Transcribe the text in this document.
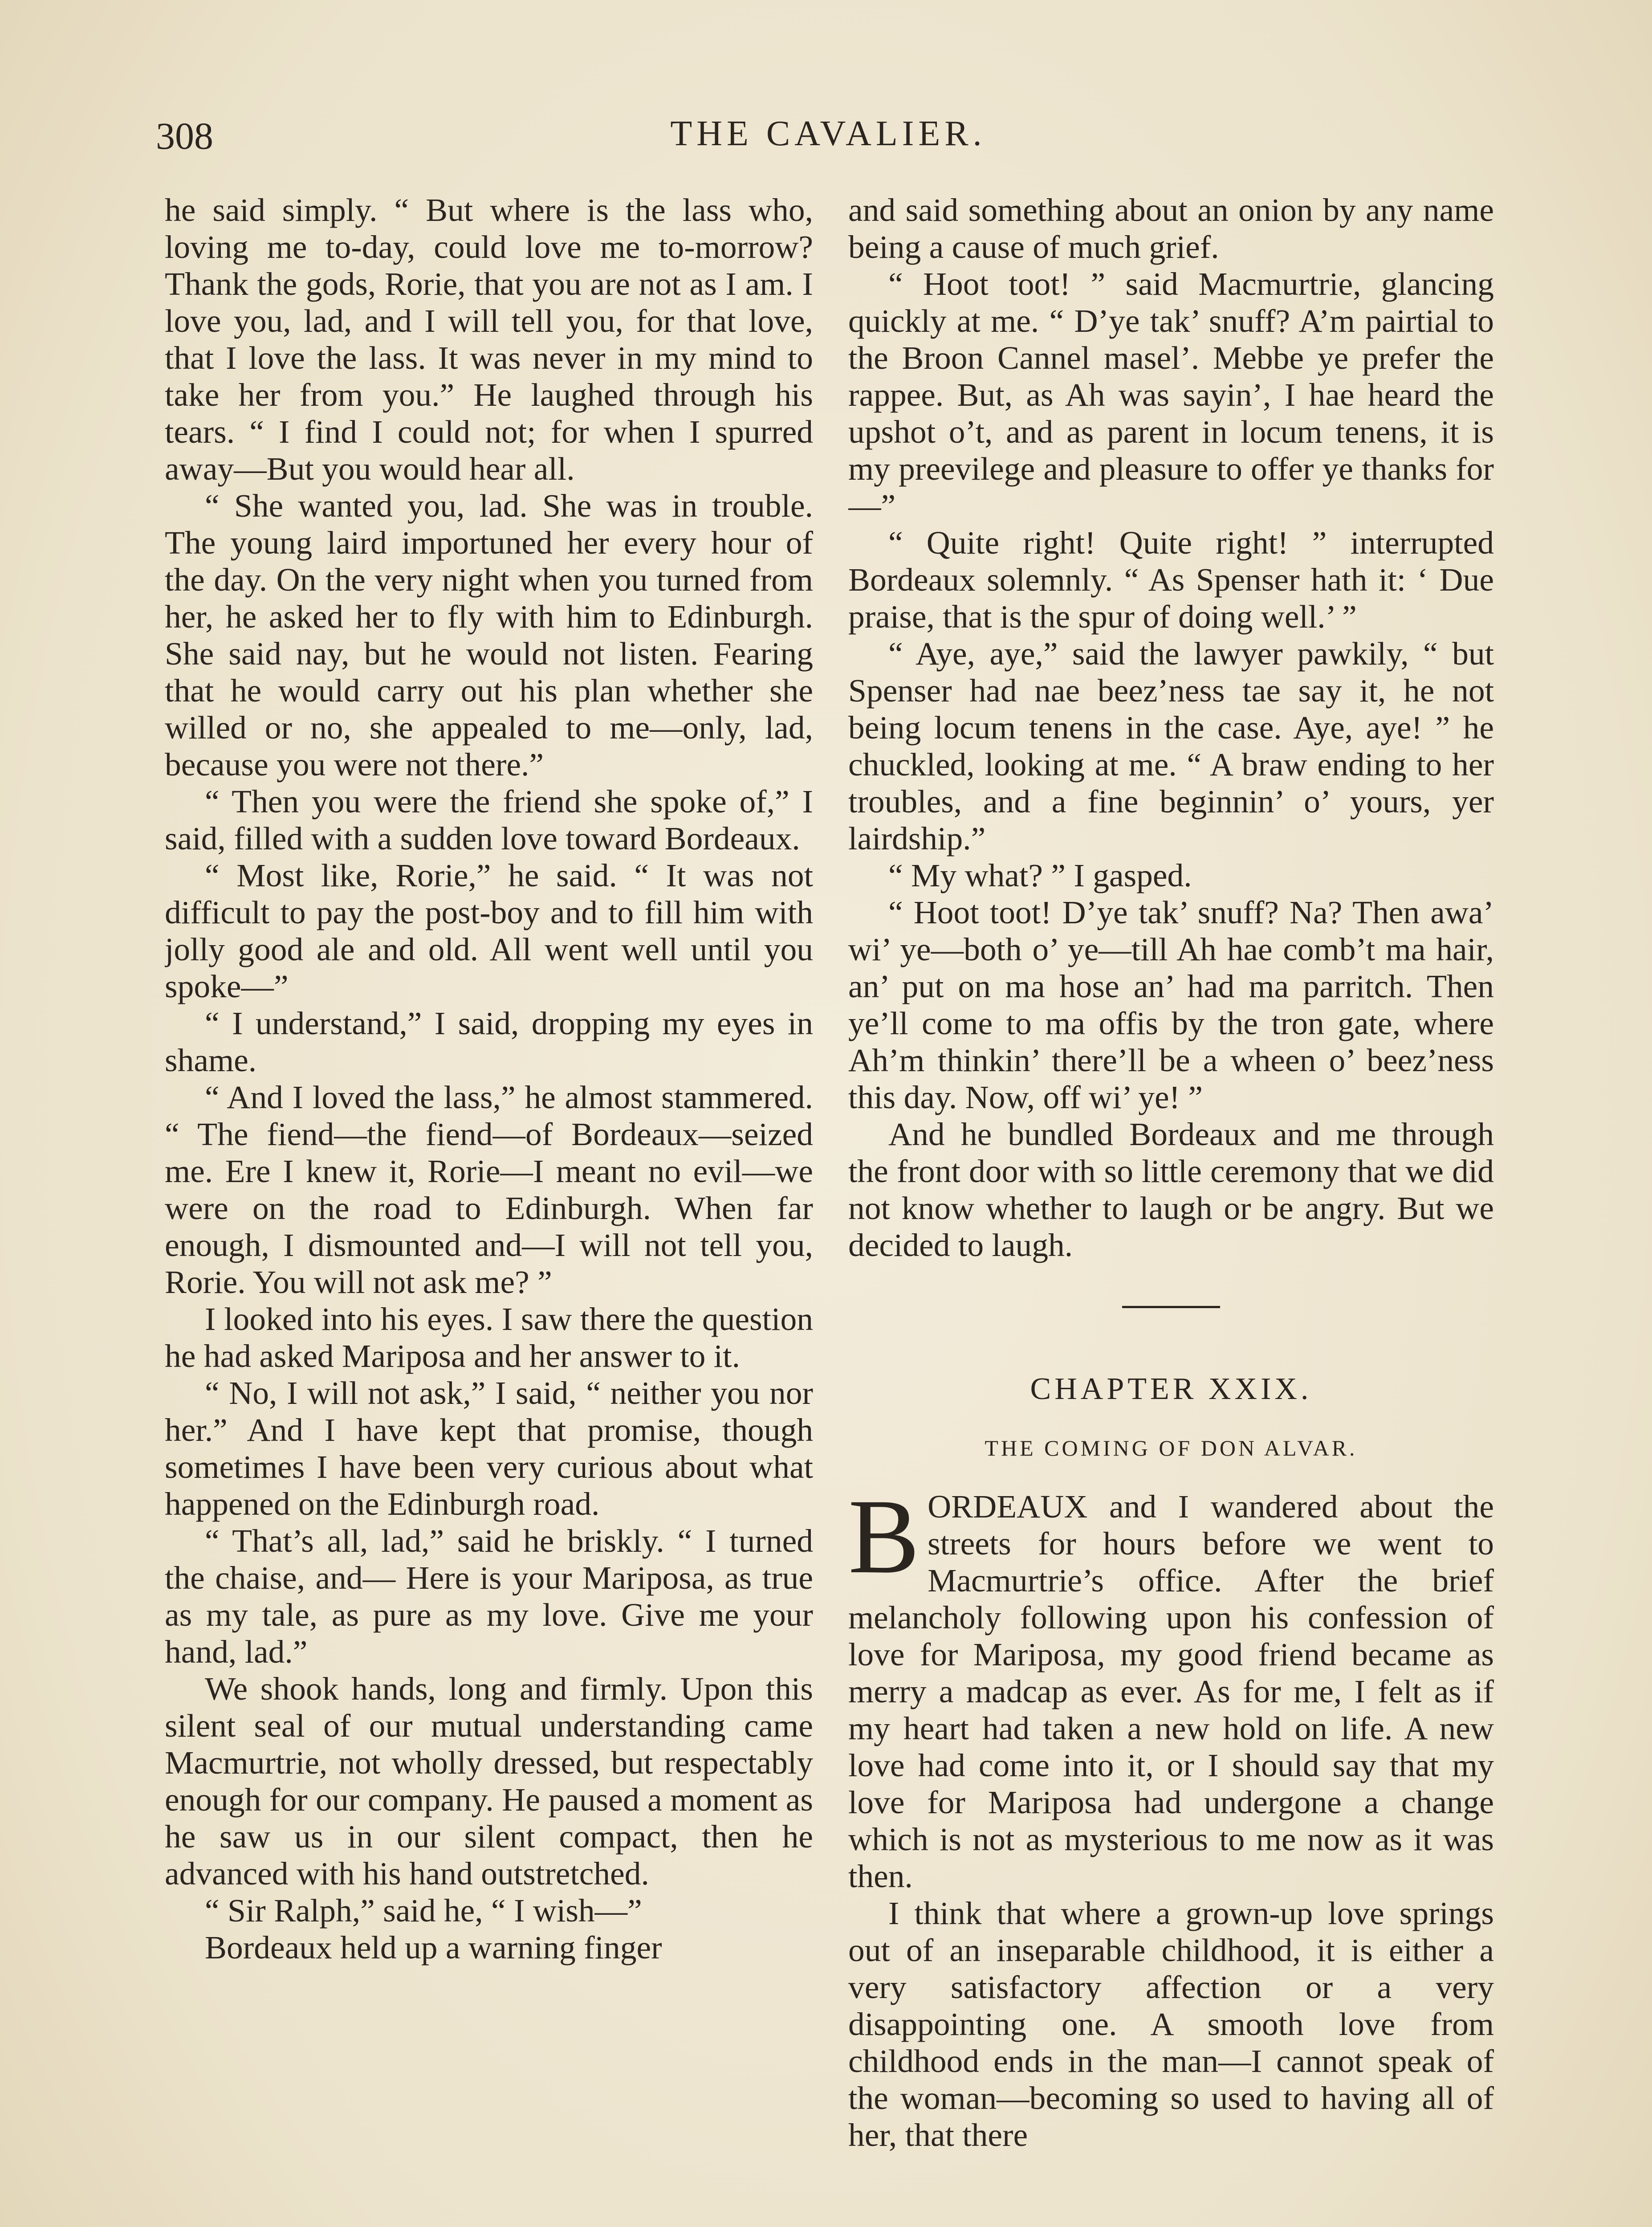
308	THE CAVALIER.

he said simply. “ But where is the lass who, loving me to-day, could love me to-morrow? Thank the gods, Rorie, that you are not as I am. I love you, lad, and I will tell you, for that love, that I love the lass. It was never in my mind to take her from you.” He laughed through his tears. “ I find I could not; for when I spurred away—But you would hear all.

“ She wanted you, lad. She was in trouble. The young laird importuned her every hour of the day. On the very night when you turned from her, he asked her to fly with him to Edinburgh. She said nay, but he would not listen. Fearing that he would carry out his plan whether she willed or no, she appealed to me—only, lad, because you were not there.”

“ Then you were the friend she spoke of,” I said, filled with a sudden love toward Bordeaux.

“ Most like, Rorie,” he said. “ It was not difficult to pay the post-boy and to fill him with jolly good ale and old. All went well until you spoke—”

“ I understand,” I said, dropping my eyes in shame.

“ And I loved the lass,” he almost stammered. “ The fiend—the fiend—of Bordeaux—seized me. Ere I knew it, Rorie—I meant no evil—we were on the road to Edinburgh. When far enough, I dismounted and—I will not tell you, Rorie. You will not ask me? ”

I looked into his eyes. I saw there the question he had asked Mariposa and her answer to it.

“ No, I will not ask,” I said, “ neither you nor her.” And I have kept that promise, though sometimes I have been very curious about what happened on the Edinburgh road.

“ That’s all, lad,” said he briskly. “ I turned the chaise, and— Here is your Mariposa, as true as my tale, as pure as my love. Give me your hand, lad.”

We shook hands, long and firmly. Upon this silent seal of our mutual understanding came Macmurtrie, not wholly dressed, but respectably enough for our company. He paused a moment as he saw us in our silent compact, then he advanced with his hand outstretched.

“ Sir Ralph,” said he, “ I wish—”

Bordeaux held up a warning finger

and said something about an onion by any name being a cause of much grief.

“ Hoot toot! ” said Macmurtrie, glancing quickly at me. “ D’ye tak’ snuff? A’m pairtial to the Broon Cannel masel’. Mebbe ye prefer the rappee. But, as Ah was sayin’, I hae heard the upshot o’t, and as parent in locum tenens, it is my preevilege and pleasure to offer ye thanks for—”

“ Quite right! Quite right! ” interrupted Bordeaux solemnly. “ As Spenser hath it: ‘ Due praise, that is the spur of doing well.’ ”

“ Aye, aye,” said the lawyer pawkily, “ but Spenser had nae beez’ness tae say it, he not being locum tenens in the case. Aye, aye! ” he chuckled, looking at me. “ A braw ending to her troubles, and a fine beginnin’ o’ yours, yer lairdship.”

“ My what? ” I gasped.

“ Hoot toot! D’ye tak’ snuff? Na? Then awa’ wi’ ye—both o’ ye—till Ah hae comb’t ma hair, an’ put on ma hose an’ had ma parritch. Then ye’ll come to ma offis by the tron gate, where Ah’m thinkin’ there’ll be a wheen o’ beez’ness this day. Now, off wi’ ye! ”

And he bundled Bordeaux and me through the front door with so little ceremony that we did not know whether to laugh or be angry. But we decided to laugh.

CHAPTER XXIX.
THE COMING OF DON ALVAR.

BORDEAUX and I wandered about the streets for hours before we went to Macmurtrie’s office. After the brief melancholy following upon his confession of love for Mariposa, my good friend became as merry a madcap as ever. As for me, I felt as if my heart had taken a new hold on life. A new love had come into it, or I should say that my love for Mariposa had undergone a change which is not as mysterious to me now as it was then.

I think that where a grown-up love springs out of an inseparable childhood, it is either a very satisfactory affection or a very disappointing one. A smooth love from childhood ends in the man—I cannot speak of the woman—becoming so used to having all of her, that there
